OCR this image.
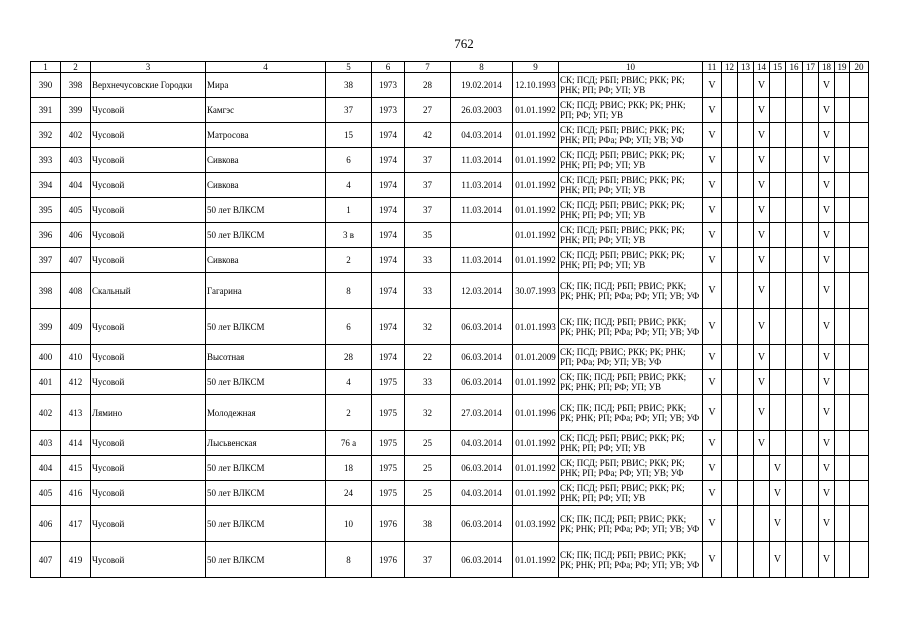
762
1	2	3	4	5	6	7	8	9	10	11	12	13	14	15	16	17	18	19	20
390	398	Верхнечусовские Городки	Мира	38	1973	28	19.02.2014	12.10.1993	СК; ПСД; РБП; РВИС; РКК; РК; РНК; РП; РФ; УП; УВ	V			V				V		
391	399	Чусовой	Камгэс	37	1973	27	26.03.2003	01.01.1992	СК; ПСД; РВИС; РКК; РК; РНК; РП; РФ; УП; УВ	V			V				V		
392	402	Чусовой	Матросова	15	1974	42	04.03.2014	01.01.1992	СК; ПСД; РБП; РВИС; РКК; РК; РНК; РП; РФа; РФ; УП; УВ; УФ	V			V				V		
393	403	Чусовой	Сивкова	6	1974	37	11.03.2014	01.01.1992	СК; ПСД; РБП; РВИС; РКК; РК; РНК; РП; РФ; УП; УВ	V			V				V		
394	404	Чусовой	Сивкова	4	1974	37	11.03.2014	01.01.1992	СК; ПСД; РБП; РВИС; РКК; РК; РНК; РП; РФ; УП; УВ	V			V				V		
395	405	Чусовой	50 лет ВЛКСМ	1	1974	37	11.03.2014	01.01.1992	СК; ПСД; РБП; РВИС; РКК; РК; РНК; РП; РФ; УП; УВ	V			V				V		
396	406	Чусовой	50 лет ВЛКСМ	3 в	1974	35		01.01.1992	СК; ПСД; РБП; РВИС; РКК; РК; РНК; РП; РФ; УП; УВ	V			V				V		
397	407	Чусовой	Сивкова	2	1974	33	11.03.2014	01.01.1992	СК; ПСД; РБП; РВИС; РКК; РК; РНК; РП; РФ; УП; УВ	V			V				V		
398	408	Скальный	Гагарина	8	1974	33	12.03.2014	30.07.1993	СК; ПК; ПСД; РБП; РВИС; РКК; РК; РНК; РП; РФа; РФ; УП; УВ; УФ	V			V				V		
399	409	Чусовой	50 лет ВЛКСМ	6	1974	32	06.03.2014	01.01.1993	СК; ПК; ПСД; РБП; РВИС; РКК; РК; РНК; РП; РФа; РФ; УП; УВ; УФ	V			V				V		
400	410	Чусовой	Высотная	28	1974	22	06.03.2014	01.01.2009	СК; ПСД; РВИС; РКК; РК; РНК; РП; РФа; РФ; УП; УВ; УФ	V			V				V		
401	412	Чусовой	50 лет ВЛКСМ	4	1975	33	06.03.2014	01.01.1992	СК; ПК; ПСД; РБП; РВИС; РКК; РК; РНК; РП; РФ; УП; УВ	V			V				V		
402	413	Лямино	Молодежная	2	1975	32	27.03.2014	01.01.1996	СК; ПК; ПСД; РБП; РВИС; РКК; РК; РНК; РП; РФа; РФ; УП; УВ; УФ	V			V				V		
403	414	Чусовой	Лысьвенская	76 а	1975	25	04.03.2014	01.01.1992	СК; ПСД; РБП; РВИС; РКК; РК; РНК; РП; РФ; УП; УВ	V			V				V		
404	415	Чусовой	50 лет ВЛКСМ	18	1975	25	06.03.2014	01.01.1992	СК; ПСД; РБП; РВИС; РКК; РК; РНК; РП; РФа; РФ; УП; УВ; УФ	V				V			V		
405	416	Чусовой	50 лет ВЛКСМ	24	1975	25	04.03.2014	01.01.1992	СК; ПСД; РБП; РВИС; РКК; РК; РНК; РП; РФ; УП; УВ	V				V			V		
406	417	Чусовой	50 лет ВЛКСМ	10	1976	38	06.03.2014	01.03.1992	СК; ПК; ПСД; РБП; РВИС; РКК; РК; РНК; РП; РФа; РФ; УП; УВ; УФ	V				V			V		
407	419	Чусовой	50 лет ВЛКСМ	8	1976	37	06.03.2014	01.01.1992	СК; ПК; ПСД; РБП; РВИС; РКК; РК; РНК; РП; РФа; РФ; УП; УВ; УФ	V				V			V		
